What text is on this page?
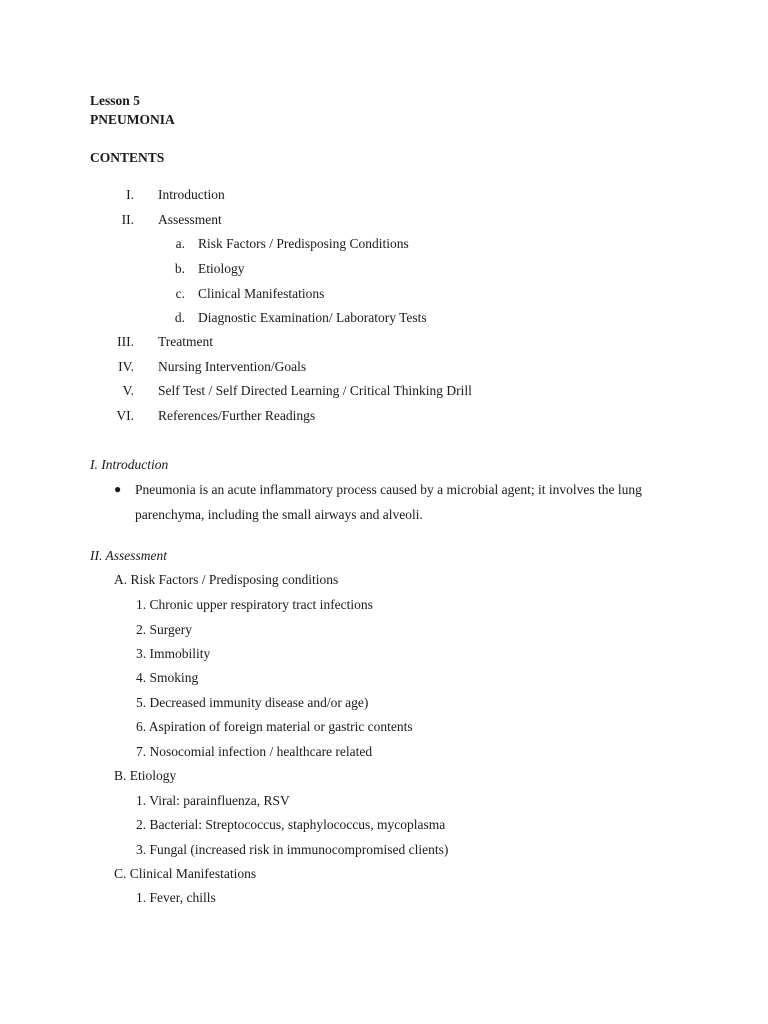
Lesson 5
PNEUMONIA
CONTENTS
I. Introduction
II. Assessment
a. Risk Factors / Predisposing Conditions
b. Etiology
c. Clinical Manifestations
d. Diagnostic Examination/ Laboratory Tests
III. Treatment
IV. Nursing Intervention/Goals
V. Self Test / Self Directed Learning / Critical Thinking Drill
VI. References/Further Readings
I. Introduction
● Pneumonia is an acute inflammatory process caused by a microbial agent; it involves the lung
parenchyma, including the small airways and alveoli.
II. Assessment
A. Risk Factors / Predisposing conditions
1. Chronic upper respiratory tract infections
2. Surgery
3. Immobility
4. Smoking
5. Decreased immunity disease and/or age)
6. Aspiration of foreign material or gastric contents
7. Nosocomial infection / healthcare related
B. Etiology
1. Viral: parainfluenza, RSV
2. Bacterial: Streptococcus, staphylococcus, mycoplasma
3. Fungal (increased risk in immunocompromised clients)
C. Clinical Manifestations
1. Fever, chills
